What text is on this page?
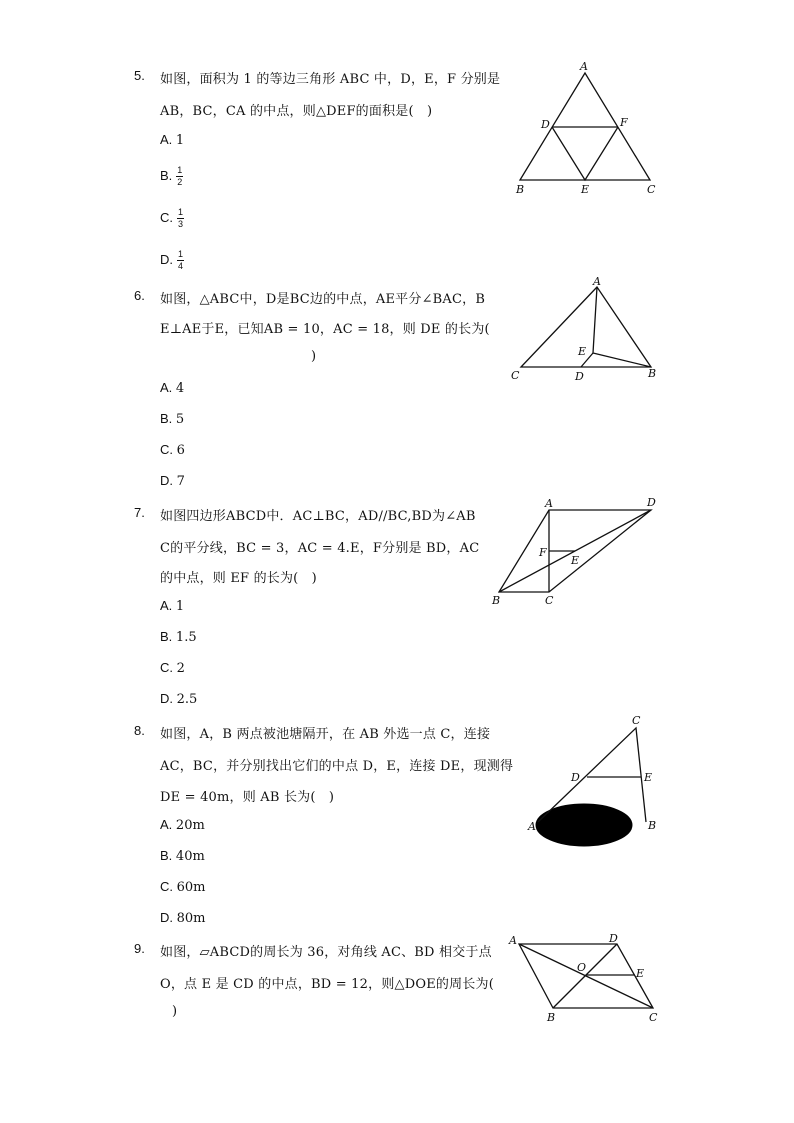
5. 如图，面积为 1 的等边三角形 ABC 中，D，E，F 分别是
AB，BC，CA 的中点，则△DEF的面积是(　)
A. 1
B. $\frac{1}{2}$
C. $\frac{1}{3}$
D. $\frac{1}{4}$
A
B	C
D
E
F
6. 如图，△ABC中，D是BC边的中点，AE平分∠BAC，B
E⊥AE于E，已知AB = 10，AC = 18，则 DE 的长为(
)
A. 4
B. 5
C. 6
D. 7
A
C	B
D
E
7. 如图四边形ABCD中．AC⊥BC，AD//BC,BD为∠AB
C的平分线，BC = 3，AC = 4.E，F分别是 BD，AC
的中点，则 EF 的长为(　)
A. 1
B. 1.5
C. 2
D. 2.5
A	D
B	C
F
E
8. 如图，A，B 两点被池塘隔开，在 AB 外选一点 C，连接
AC，BC，并分别找出它们的中点 D，E，连接 DE，现测得
DE = 40m，则 AB 长为(　)
A. 20m
B. 40m
C. 60m
D. 80m
C
D	E
A	B
9. 如图，▱ABCD的周长为 36，对角线 AC、BD 相交于点
O，点 E 是 CD 的中点，BD = 12，则△DOE的周长为(
)
A	D
B	C
O	E
